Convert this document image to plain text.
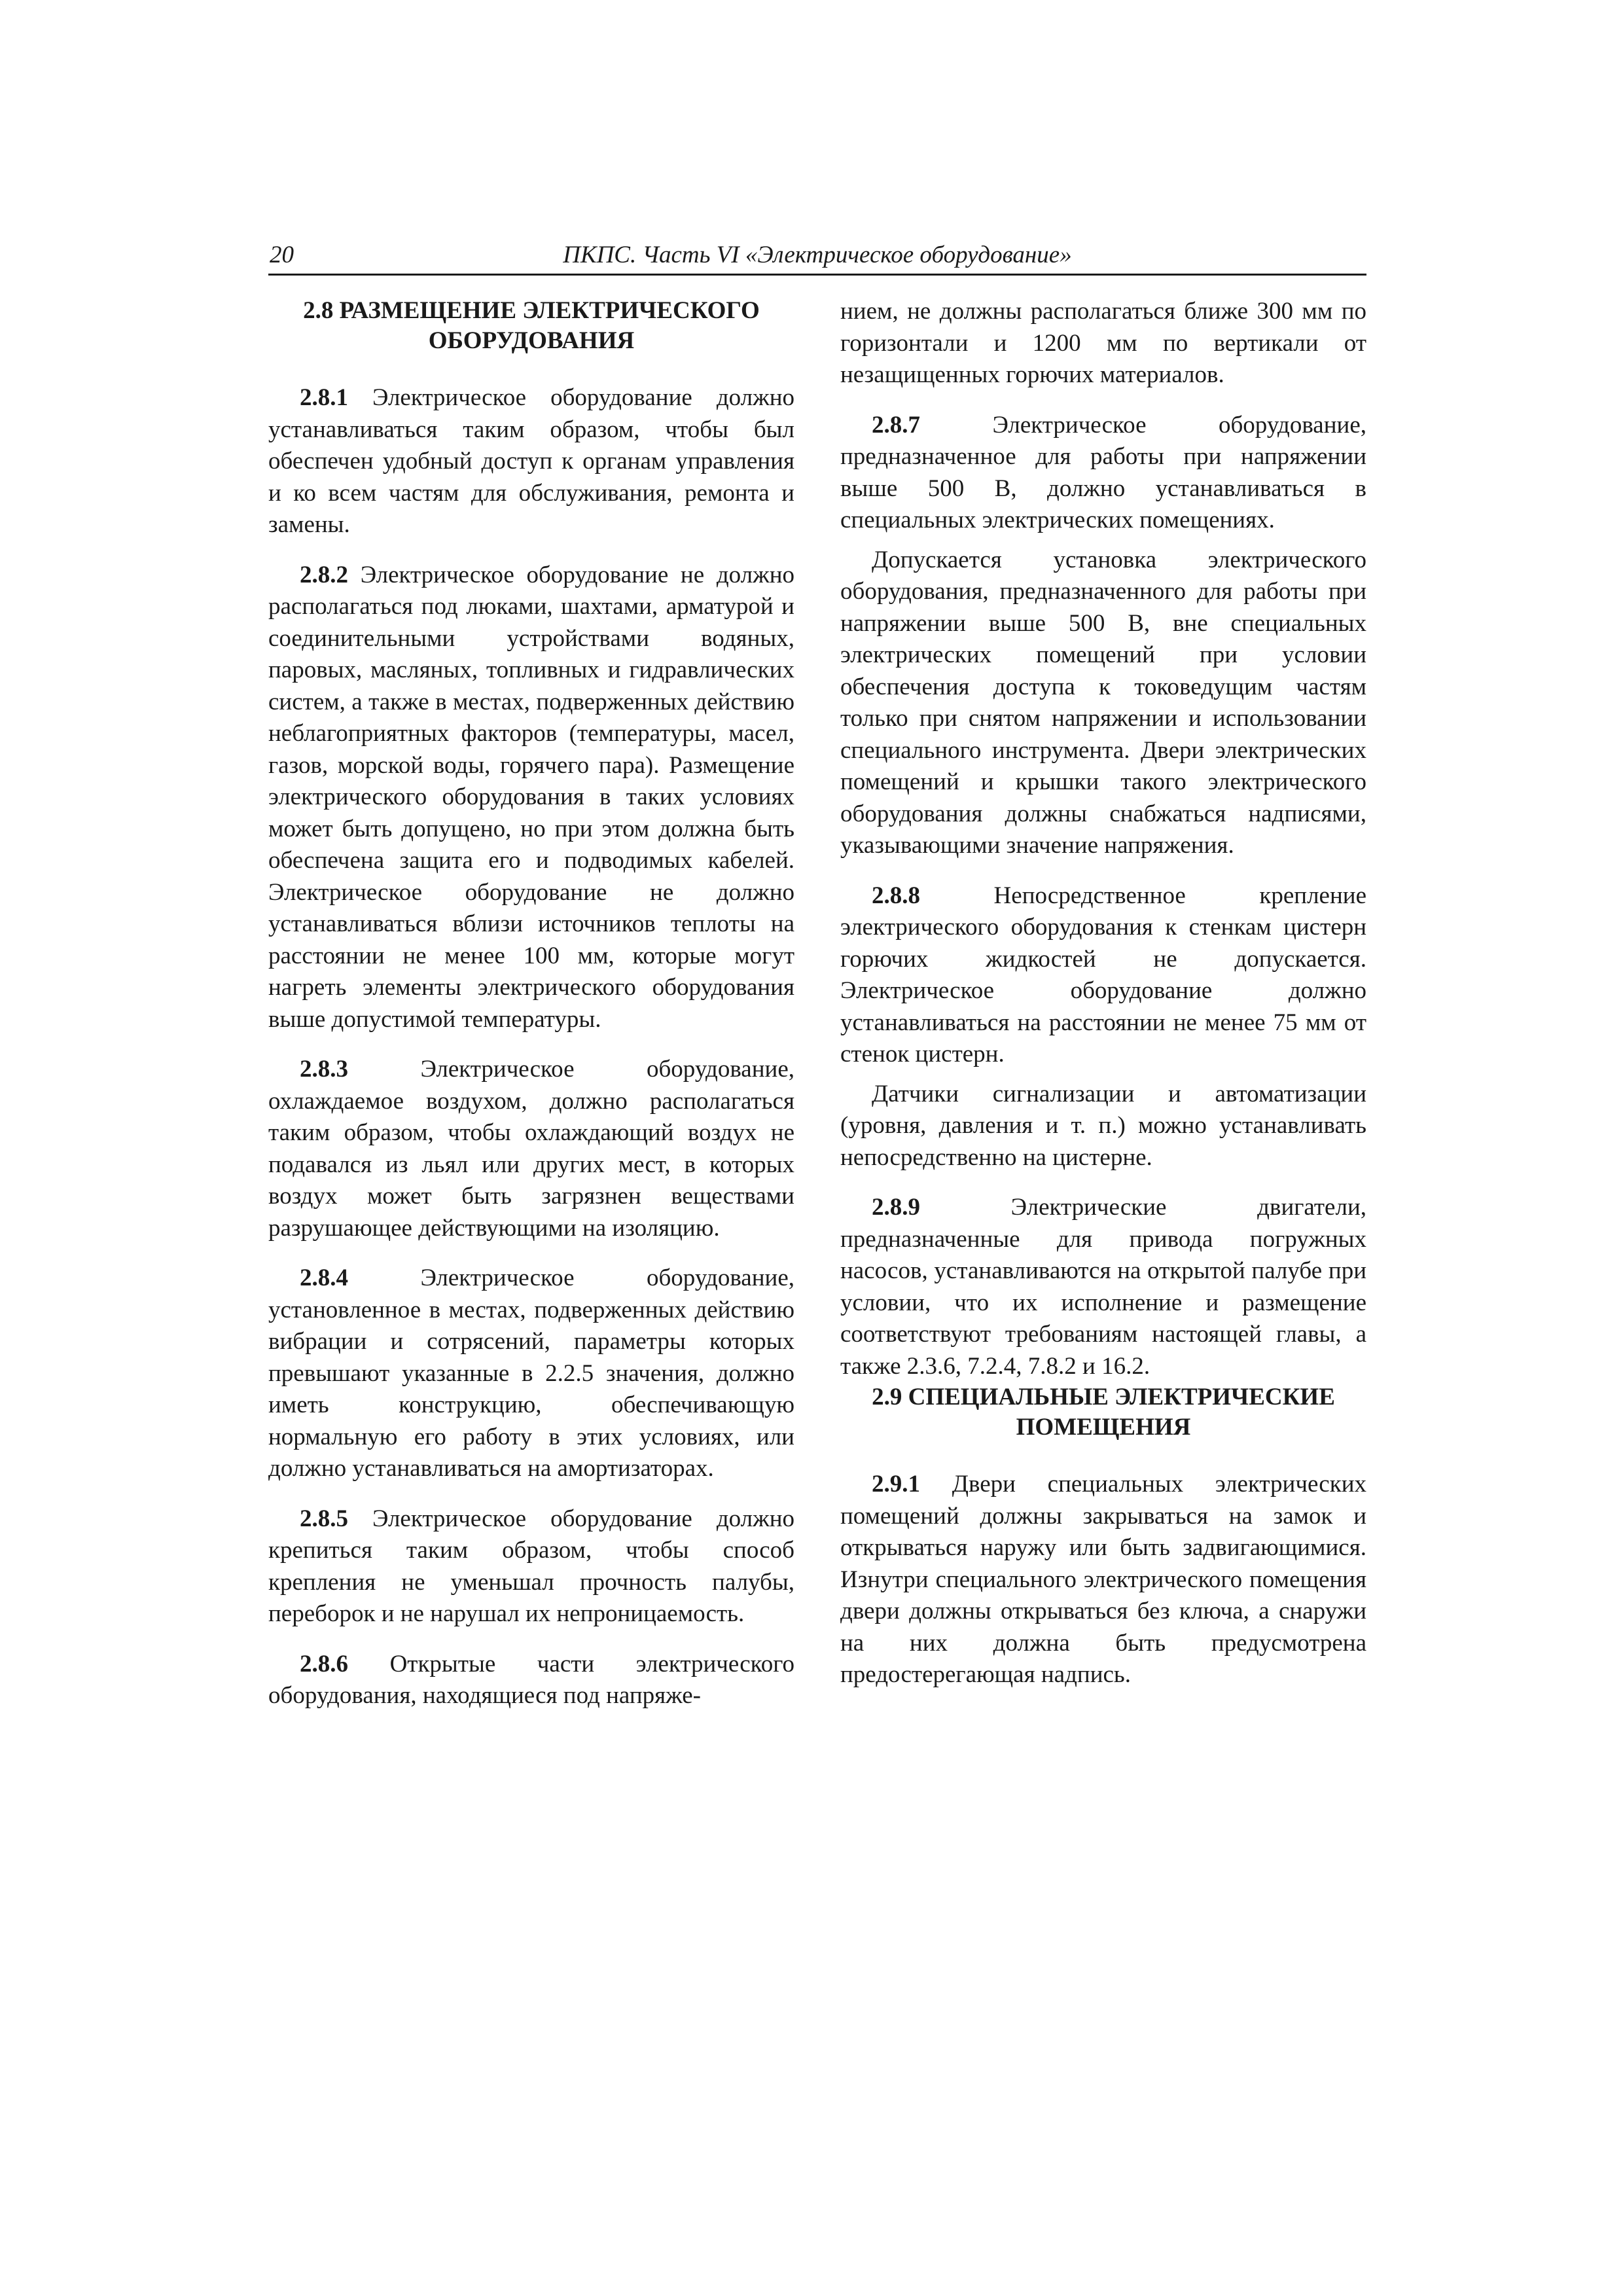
20	ПКПС. Часть VI «Электрическое оборудование»

2.8 РАЗМЕЩЕНИЕ ЭЛЕКТРИЧЕСКОГО ОБОРУДОВАНИЯ

2.8.1 Электрическое оборудование должно устанавливаться таким образом, чтобы был обеспечен удобный доступ к органам управления и ко всем частям для обслуживания, ремонта и замены.

2.8.2 Электрическое оборудование не должно располагаться под люками, шахтами, арматурой и соединительными устройствами водяных, паровых, масляных, топливных и гидравлических систем, а также в местах, подверженных действию неблагоприятных факторов (температуры, масел, газов, морской воды, горячего пара). Размещение электрического оборудования в таких условиях может быть допущено, но при этом должна быть обеспечена защита его и подводимых кабелей. Электрическое оборудование не должно устанавливаться вблизи источников теплоты на расстоянии не менее 100 мм, которые могут нагреть элементы электрического оборудования выше допустимой температуры.

2.8.3	Электрическое оборудование, охлаждаемое воздухом, должно располагаться таким образом, чтобы охлаждающий воздух не подавался из льял или других мест, в которых воздух может быть загрязнен веществами разрушающее действующими на изоляцию.

2.8.4	Электрическое оборудование, установленное в местах, подверженных действию вибрации и сотрясений, параметры которых превышают указанные в 2.2.5 значения, должно иметь конструкцию, обеспечивающую нормальную его работу в этих условиях, или должно устанавливаться на амортизаторах.

2.8.5 Электрическое оборудование должно крепиться таким образом, чтобы способ крепления не уменьшал прочность палубы, переборок и не нарушал их непроницаемость.

2.8.6 Открытые части электрического оборудования, находящиеся под напряже-

нием, не должны располагаться ближе 300 мм по горизонтали и 1200 мм по вертикали от незащищенных горючих материалов.

2.8.7	Электрическое оборудование, предназначенное для работы при напряжении выше 500 В, должно устанавливаться в специальных электрических помещениях.

Допускается установка электрического оборудования, предназначенного для работы при напряжении выше 500 В, вне специальных электрических помещений при условии обеспечения доступа к токоведущим частям только при снятом напряжении и использовании специального инструмента. Двери электрических помещений и крышки такого электрического оборудования должны снабжаться надписями, указывающими значение напряжения.

2.8.8	Непосредственное крепление электрического оборудования к стенкам цистерн горючих жидкостей не допускается. Электрическое оборудование должно устанавливаться на расстоянии не менее 75 мм от стенок цистерн.

Датчики сигнализации и автоматизации (уровня, давления и т. п.) можно устанавливать непосредственно на цистерне.

2.8.9	Электрические двигатели, предназначенные для привода погружных насосов, устанавливаются на открытой палубе при условии, что их исполнение и размещение соответствуют требованиям настоящей главы, а также 2.3.6, 7.2.4, 7.8.2 и 16.2.

2.9 СПЕЦИАЛЬНЫЕ ЭЛЕКТРИЧЕСКИЕ ПОМЕЩЕНИЯ

2.9.1 Двери специальных электрических помещений должны закрываться на замок и открываться наружу или быть задвигающимися. Изнутри специального электрического помещения двери должны открываться без ключа, а снаружи на них должна быть предусмотрена предостерегающая надпись.
